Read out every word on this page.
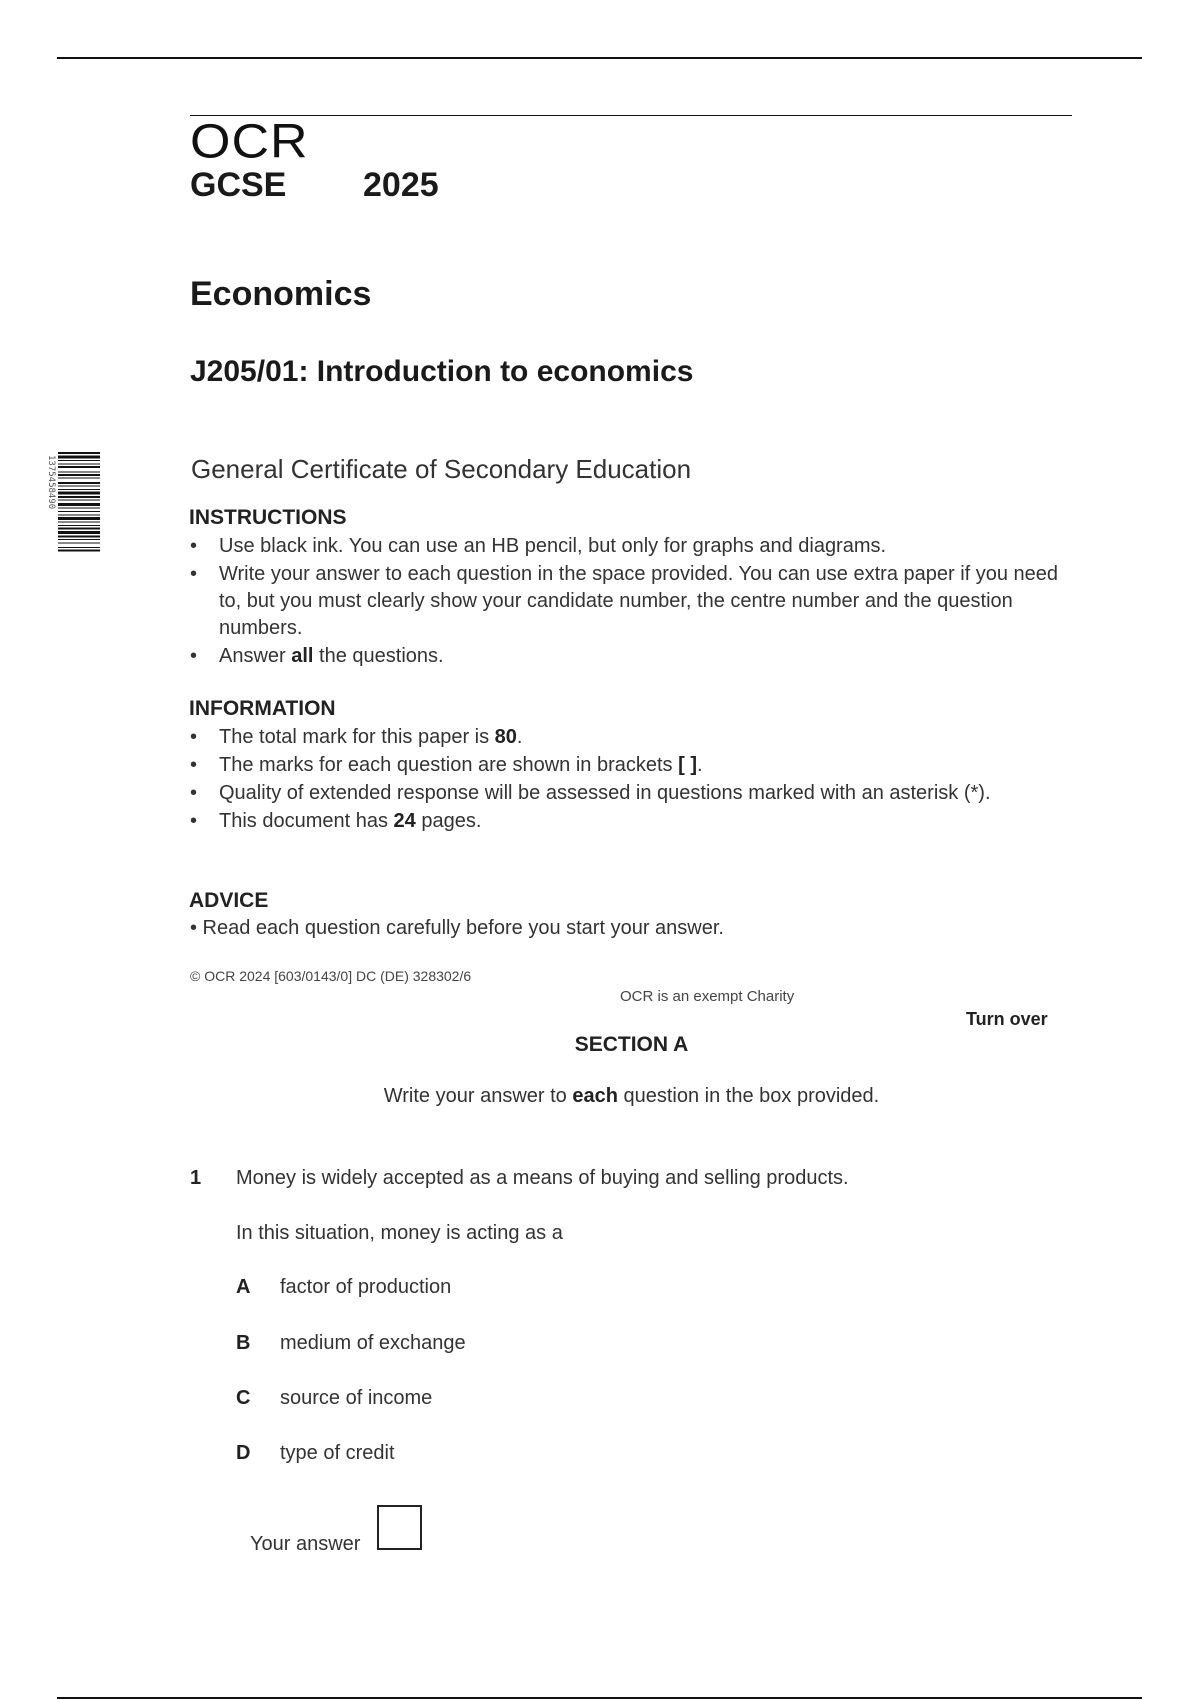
1375458490
OCR
GCSE 2025
Economics
J205/01: Introduction to economics
General Certificate of Secondary Education
INSTRUCTIONS
• Use black ink. You can use an HB pencil, but only for graphs and diagrams.
• Write your answer to each question in the space provided. You can use extra paper if you need to, but you must clearly show your candidate number, the centre number and the question numbers.
• Answer all the questions.
INFORMATION
• The total mark for this paper is 80.
• The marks for each question are shown in brackets [ ].
• Quality of extended response will be assessed in questions marked with an asterisk (*).
• This document has 24 pages.
ADVICE
• Read each question carefully before you start your answer.
© OCR 2024 [603/0143/0] DC (DE) 328302/6
OCR is an exempt Charity
Turn over
SECTION A
Write your answer to each question in the box provided.
1 Money is widely accepted as a means of buying and selling products.
In this situation, money is acting as a
A factor of production
B medium of exchange
C source of income
D type of credit
Your answer
